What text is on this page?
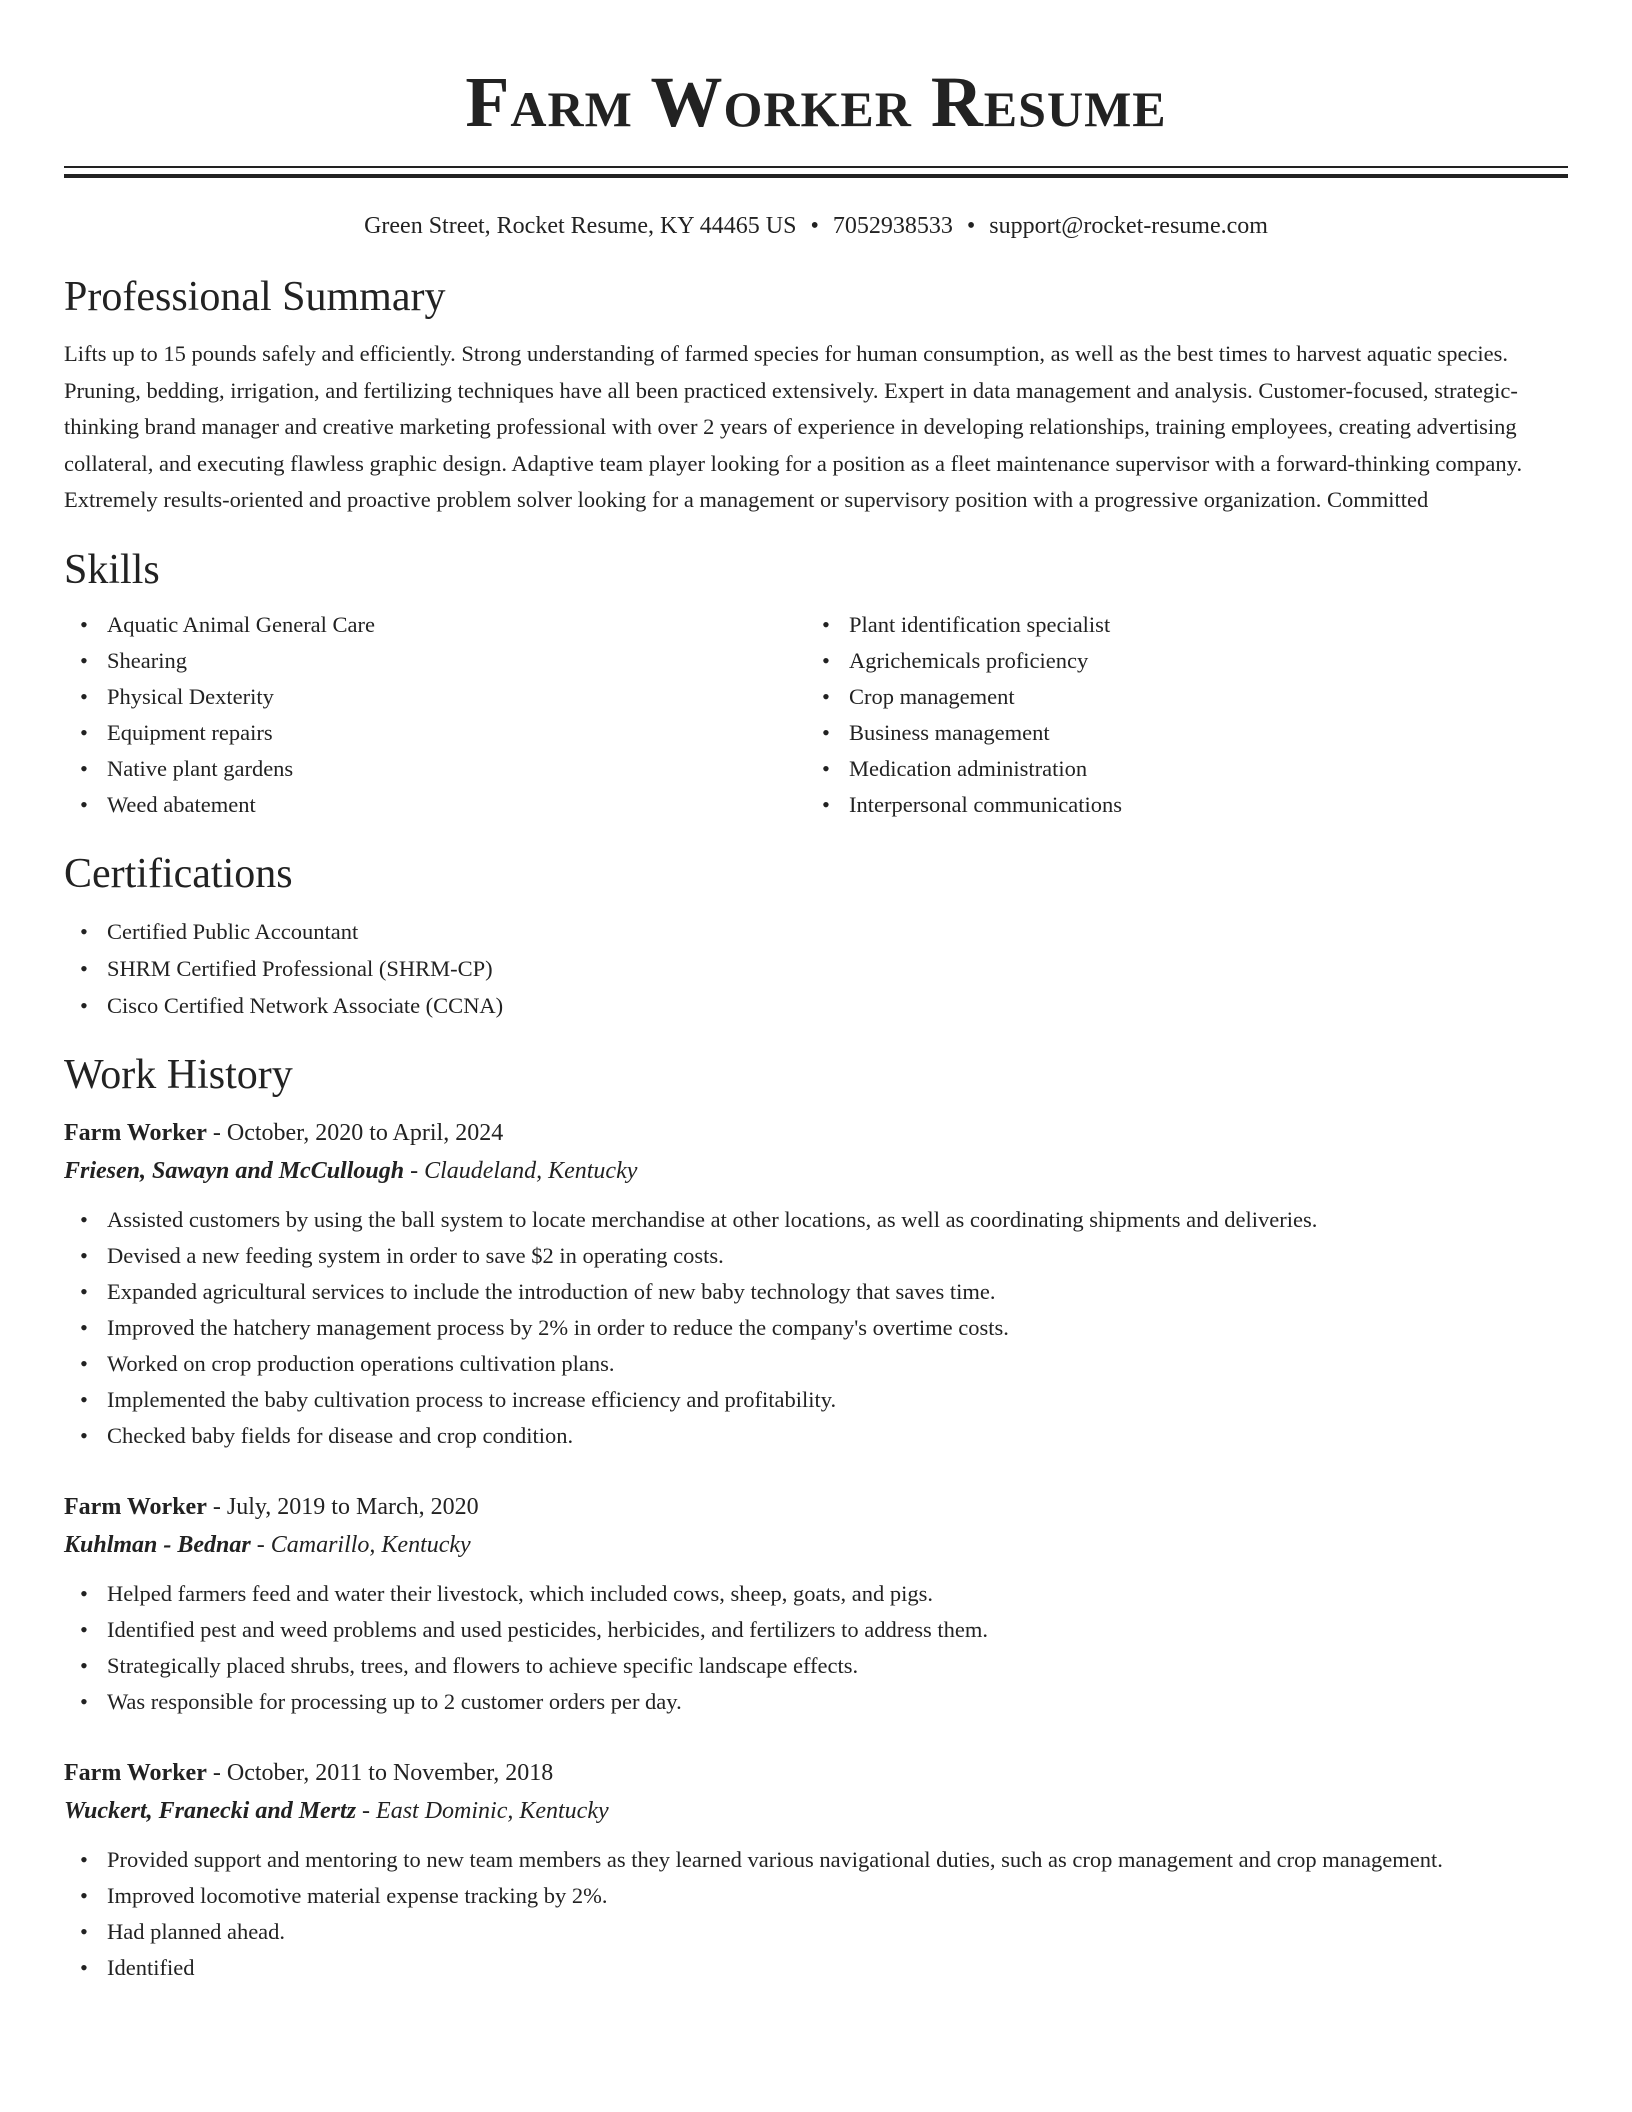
Farm Worker Resume
Green Street, Rocket Resume, KY 44465 US • 7052938533 • support@rocket-resume.com
Professional Summary
Lifts up to 15 pounds safely and efficiently. Strong understanding of farmed species for human consumption, as well as the best times to harvest aquatic species. Pruning, bedding, irrigation, and fertilizing techniques have all been practiced extensively. Expert in data management and analysis. Customer-focused, strategic-thinking brand manager and creative marketing professional with over 2 years of experience in developing relationships, training employees, creating advertising collateral, and executing flawless graphic design. Adaptive team player looking for a position as a fleet maintenance supervisor with a forward-thinking company. Extremely results-oriented and proactive problem solver looking for a management or supervisory position with a progressive organization. Committed
Skills
• Aquatic Animal General Care
• Shearing
• Physical Dexterity
• Equipment repairs
• Native plant gardens
• Weed abatement
• Plant identification specialist
• Agrichemicals proficiency
• Crop management
• Business management
• Medication administration
• Interpersonal communications
Certifications
• Certified Public Accountant
• SHRM Certified Professional (SHRM-CP)
• Cisco Certified Network Associate (CCNA)
Work History
Farm Worker - October, 2020 to April, 2024
Friesen, Sawayn and McCullough - Claudeland, Kentucky
• Assisted customers by using the ball system to locate merchandise at other locations, as well as coordinating shipments and deliveries.
• Devised a new feeding system in order to save $2 in operating costs.
• Expanded agricultural services to include the introduction of new baby technology that saves time.
• Improved the hatchery management process by 2% in order to reduce the company's overtime costs.
• Worked on crop production operations cultivation plans.
• Implemented the baby cultivation process to increase efficiency and profitability.
• Checked baby fields for disease and crop condition.
Farm Worker - July, 2019 to March, 2020
Kuhlman - Bednar - Camarillo, Kentucky
• Helped farmers feed and water their livestock, which included cows, sheep, goats, and pigs.
• Identified pest and weed problems and used pesticides, herbicides, and fertilizers to address them.
• Strategically placed shrubs, trees, and flowers to achieve specific landscape effects.
• Was responsible for processing up to 2 customer orders per day.
Farm Worker - October, 2011 to November, 2018
Wuckert, Franecki and Mertz - East Dominic, Kentucky
• Provided support and mentoring to new team members as they learned various navigational duties, such as crop management and crop management.
• Improved locomotive material expense tracking by 2%.
• Had planned ahead.
• Identified
